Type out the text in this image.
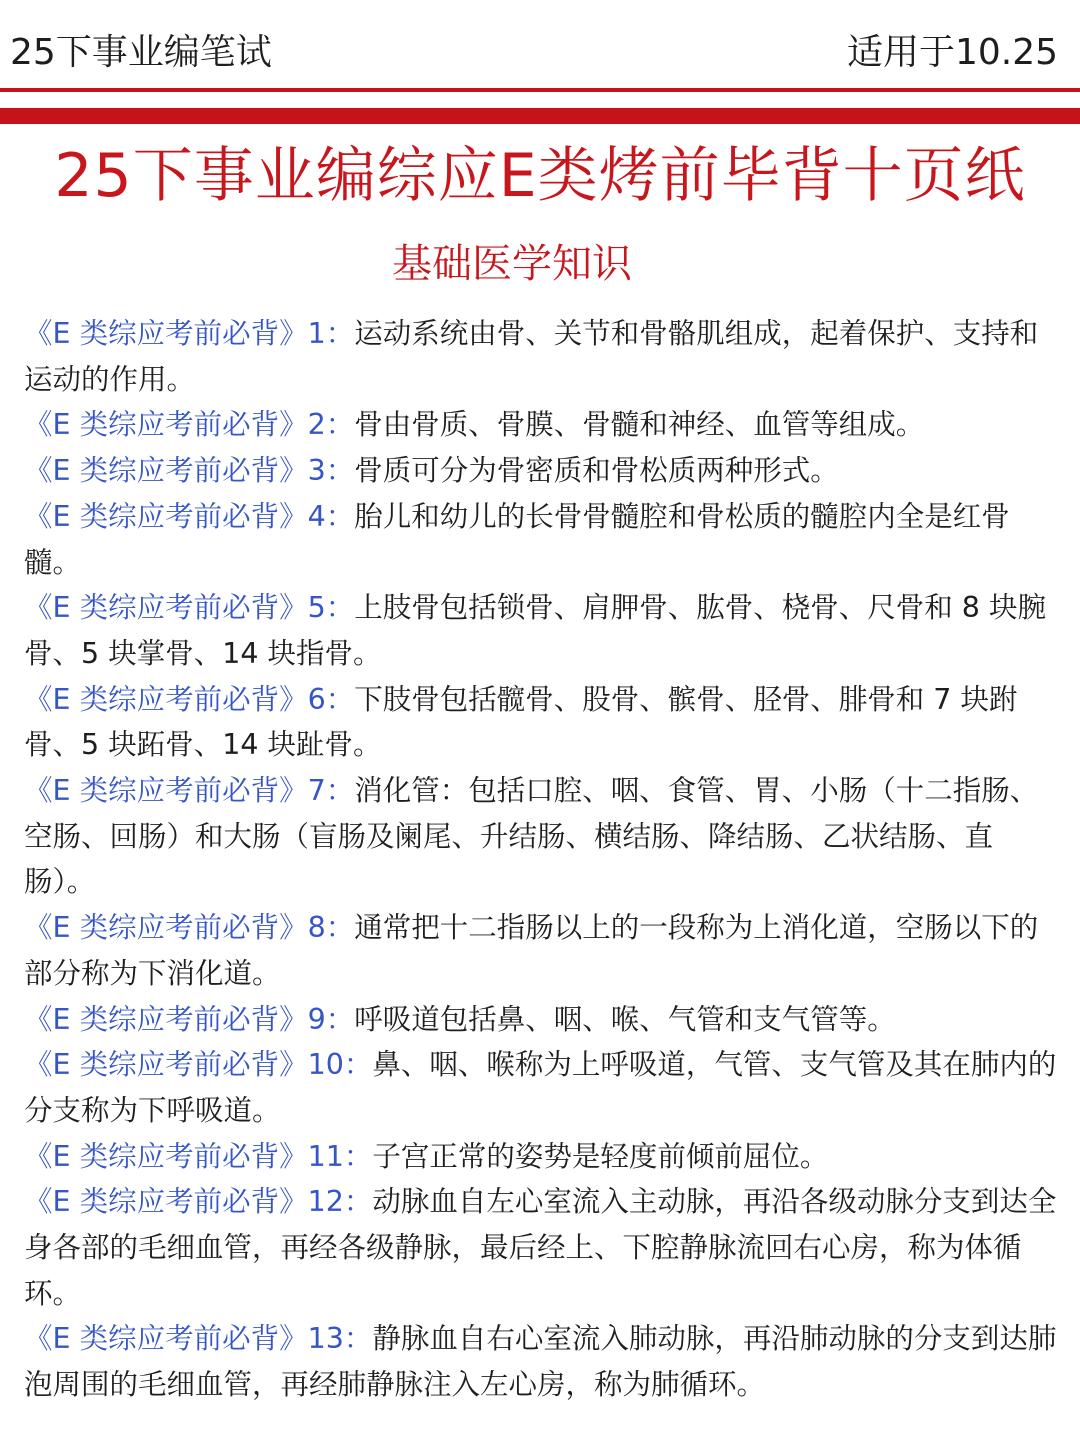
25下事业编笔试	适用于10.25
25下事业编综应E类烤前毕背十页纸
基础医学知识

《E 类综应考前必背》1：运动系统由骨、关节和骨骼肌组成，起着保护、支持和运动的作用。

《E 类综应考前必背》2：骨由骨质、骨膜、骨髓和神经、血管等组成。

《E 类综应考前必背》3：骨质可分为骨密质和骨松质两种形式。

《E 类综应考前必背》4：胎儿和幼儿的长骨骨髓腔和骨松质的髓腔内全是红骨髓。

《E 类综应考前必背》5：上肢骨包括锁骨、肩胛骨、肱骨、桡骨、尺骨和 8 块腕骨、5 块掌骨、14 块指骨。

《E 类综应考前必背》6：下肢骨包括髋骨、股骨、髌骨、胫骨、腓骨和 7 块跗骨、5 块跖骨、14 块趾骨。

《E 类综应考前必背》7：消化管：包括口腔、咽、食管、胃、小肠（十二指肠、空肠、回肠）和大肠（盲肠及阑尾、升结肠、横结肠、降结肠、乙状结肠、直肠）。

《E 类综应考前必背》8：通常把十二指肠以上的一段称为上消化道，空肠以下的部分称为下消化道。

《E 类综应考前必背》9：呼吸道包括鼻、咽、喉、气管和支气管等。

《E 类综应考前必背》10：鼻、咽、喉称为上呼吸道，气管、支气管及其在肺内的分支称为下呼吸道。

《E 类综应考前必背》11：子宫正常的姿势是轻度前倾前屈位。

《E 类综应考前必背》12：动脉血自左心室流入主动脉，再沿各级动脉分支到达全身各部的毛细血管，再经各级静脉，最后经上、下腔静脉流回右心房，称为体循环。

《E 类综应考前必背》13：静脉血自右心室流入肺动脉，再沿肺动脉的分支到达肺泡周围的毛细血管，再经肺静脉注入左心房，称为肺循环。
